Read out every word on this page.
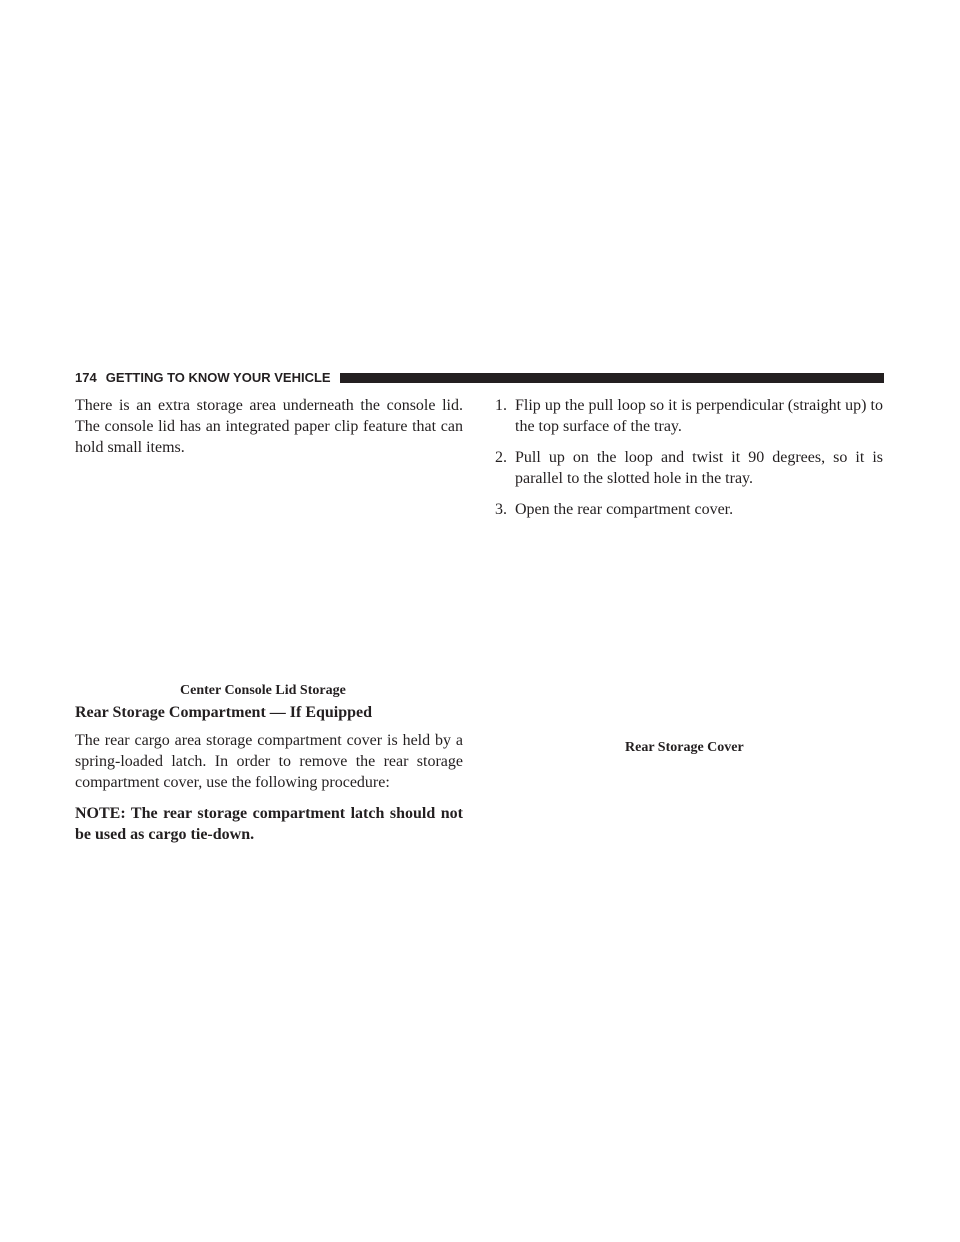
174 GETTING TO KNOW YOUR VEHICLE

There is an extra storage area underneath the console lid. The console lid has an integrated paper clip feature that can hold small items.

Center Console Lid Storage
Rear Storage Compartment — If Equipped

The rear cargo area storage compartment cover is held by a spring-loaded latch. In order to remove the rear storage compartment cover, use the following procedure:

NOTE: The rear storage compartment latch should not be used as cargo tie-down.

1. Flip up the pull loop so it is perpendicular (straight up) to the top surface of the tray.
2. Pull up on the loop and twist it 90 degrees, so it is parallel to the slotted hole in the tray.
3. Open the rear compartment cover.
Rear Storage Cover
